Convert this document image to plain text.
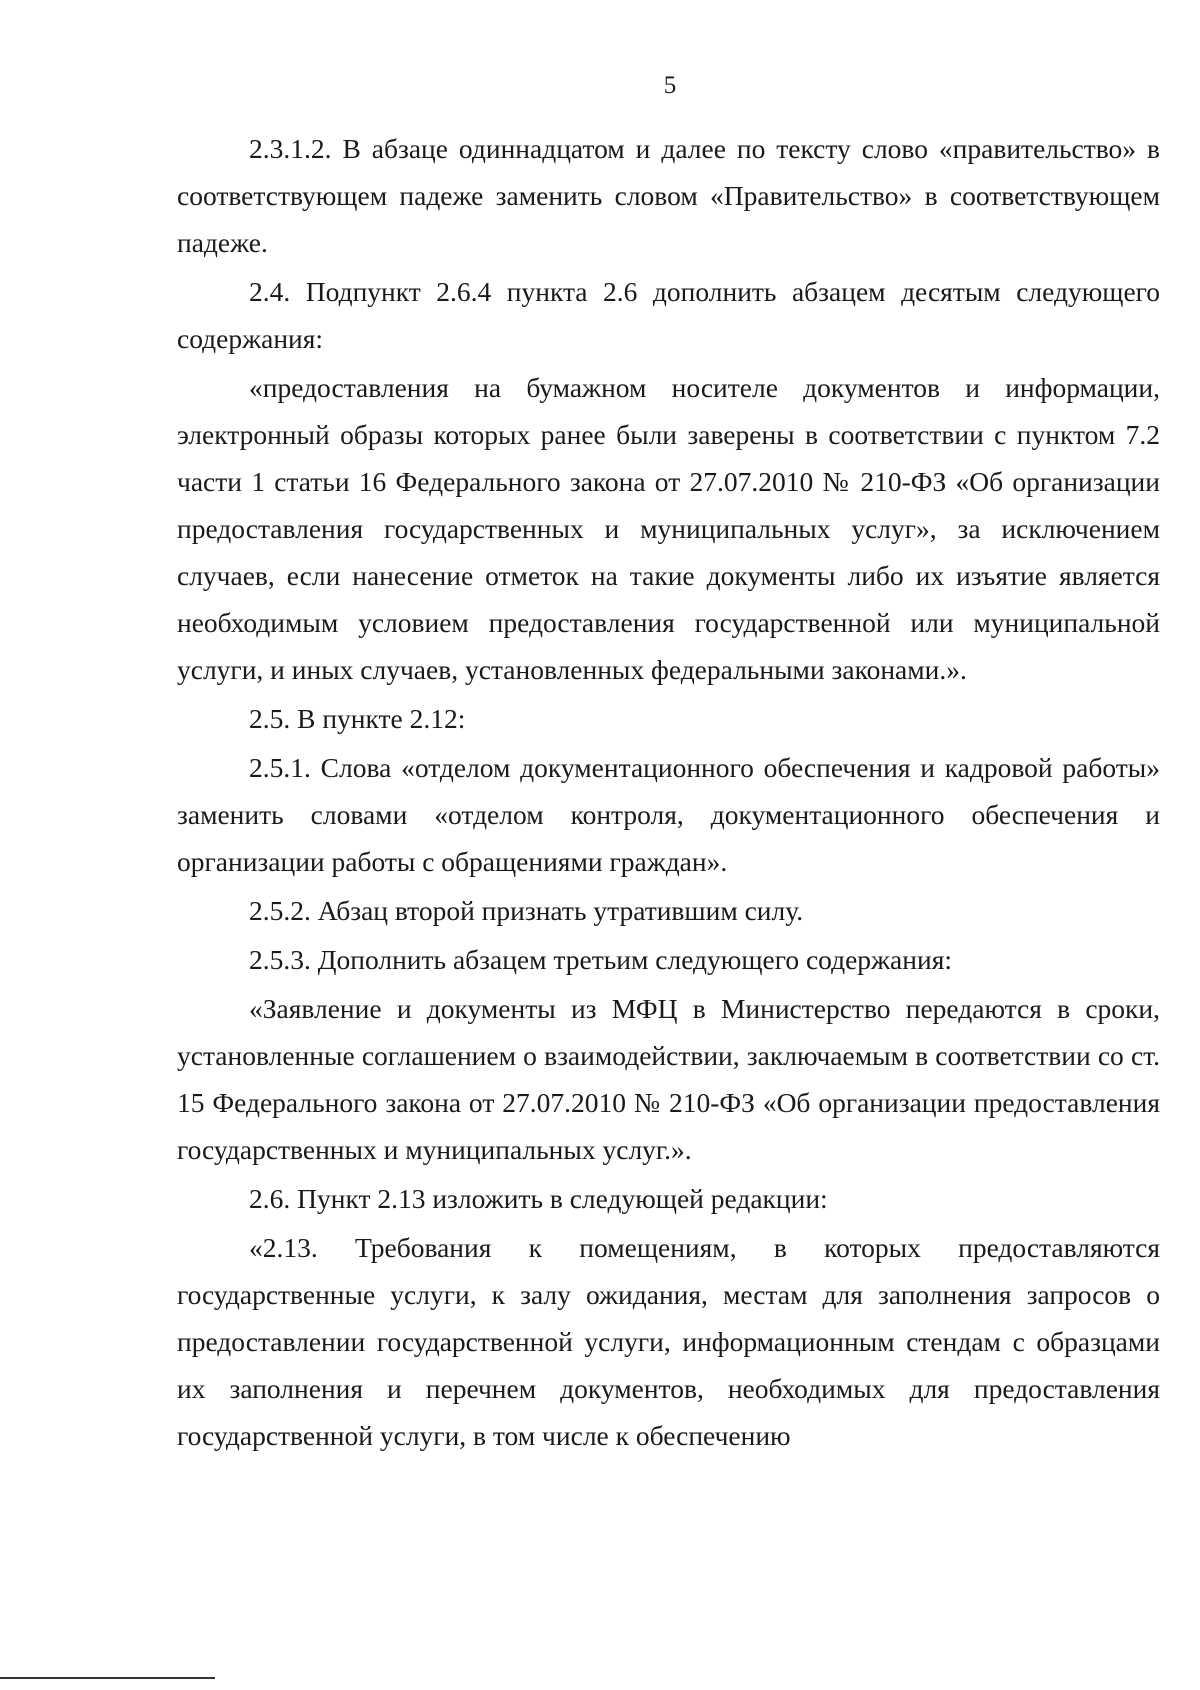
5

2.3.1.2. В абзаце одиннадцатом и далее по тексту слово «правительство» в соответствующем падеже заменить словом «Правительство» в соответствующем падеже.

2.4. Подпункт 2.6.4 пункта 2.6 дополнить абзацем десятым следующего содержания:

«предоставления на бумажном носителе документов и информации, электронный образы которых ранее были заверены в соответствии с пунктом 7.2 части 1 статьи 16 Федерального закона от 27.07.2010 № 210-ФЗ «Об организации предоставления государственных и муниципальных услуг», за исключением случаев, если нанесение отметок на такие документы либо их изъятие является необходимым условием предоставления государственной или муниципальной услуги, и иных случаев, установленных федеральными законами.».

2.5. В пункте 2.12:

2.5.1. Слова «отделом документационного обеспечения и кадровой работы» заменить словами «отделом контроля, документационного обеспечения и организации работы с обращениями граждан».

2.5.2. Абзац второй признать утратившим силу.

2.5.3. Дополнить абзацем третьим следующего содержания:

«Заявление и документы из МФЦ в Министерство передаются в сроки, установленные соглашением о взаимодействии, заключаемым в соответствии со ст. 15 Федерального закона от 27.07.2010 № 210-ФЗ «Об организации предоставления государственных и муниципальных услуг.».

2.6. Пункт 2.13 изложить в следующей редакции:

«2.13. Требования к помещениям, в которых предоставляются государственные услуги, к залу ожидания, местам для заполнения запросов о предоставлении государственной услуги, информационным стендам с образцами их заполнения и перечнем документов, необходимых для предоставления государственной услуги, в том числе к обеспечению
